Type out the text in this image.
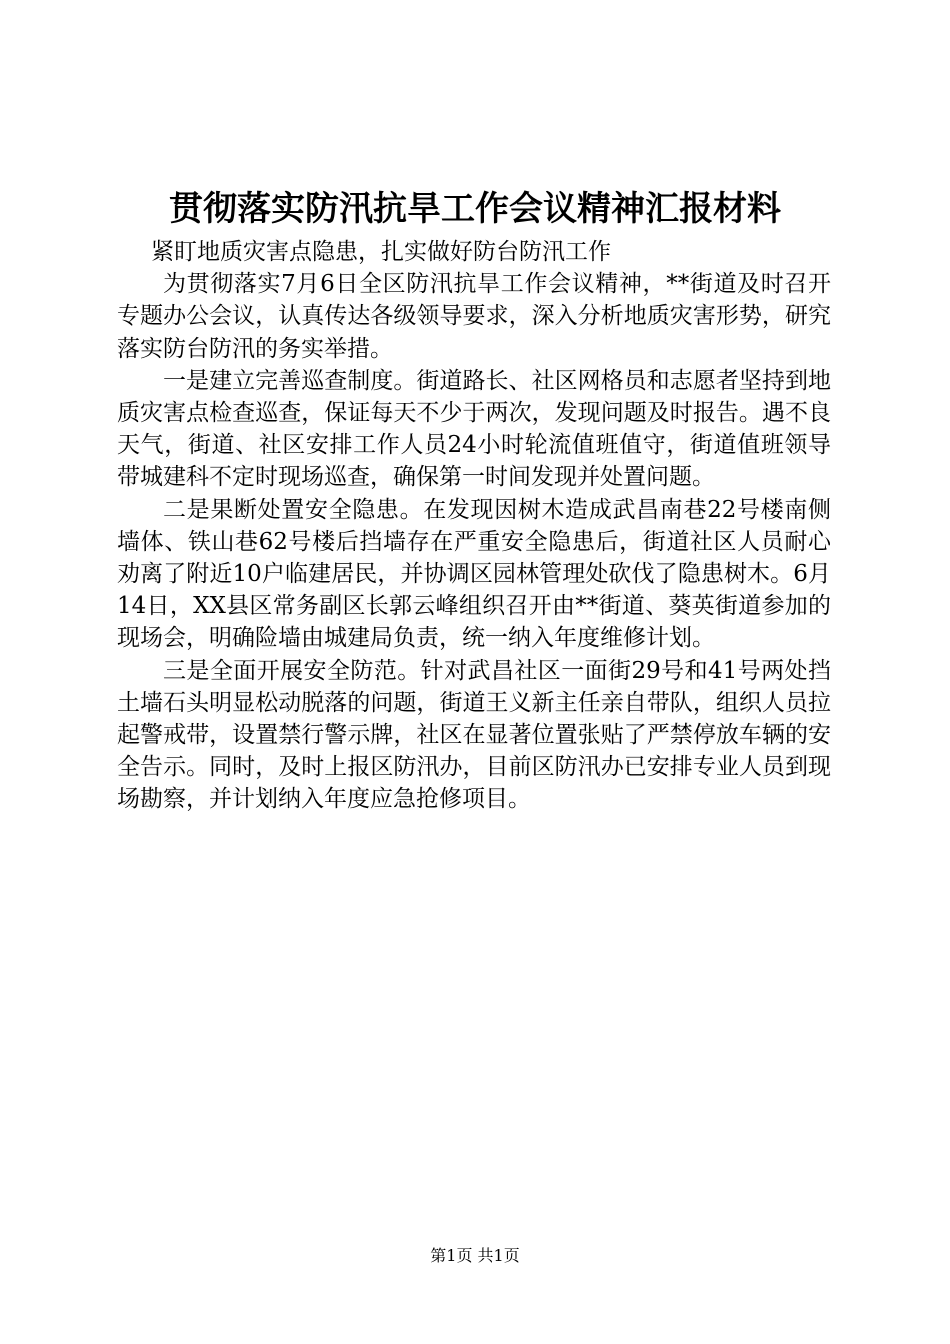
贯彻落实防汛抗旱工作会议精神汇报材料

紧盯地质灾害点隐患，扎实做好防台防汛工作

为贯彻落实7月6日全区防汛抗旱工作会议精神，**街道及时召开专题办公会议，认真传达各级领导要求，深入分析地质灾害形势，研究落实防台防汛的务实举措。

一是建立完善巡查制度。街道路长、社区网格员和志愿者坚持到地质灾害点检查巡查，保证每天不少于两次，发现问题及时报告。遇不良天气，街道、社区安排工作人员24小时轮流值班值守，街道值班领导带城建科不定时现场巡查，确保第一时间发现并处置问题。

二是果断处置安全隐患。在发现因树木造成武昌南巷22号楼南侧墙体、铁山巷62号楼后挡墙存在严重安全隐患后，街道社区人员耐心劝离了附近10户临建居民，并协调区园林管理处砍伐了隐患树木。6月14日，XX县区常务副区长郭云峰组织召开由**街道、葵英街道参加的现场会，明确险墙由城建局负责，统一纳入年度维修计划。

三是全面开展安全防范。针对武昌社区一面街29号和41号两处挡土墙石头明显松动脱落的问题，街道王义新主任亲自带队，组织人员拉起警戒带，设置禁行警示牌，社区在显著位置张贴了严禁停放车辆的安全告示。同时，及时上报区防汛办，目前区防汛办已安排专业人员到现场勘察，并计划纳入年度应急抢修项目。

第1页 共1页
